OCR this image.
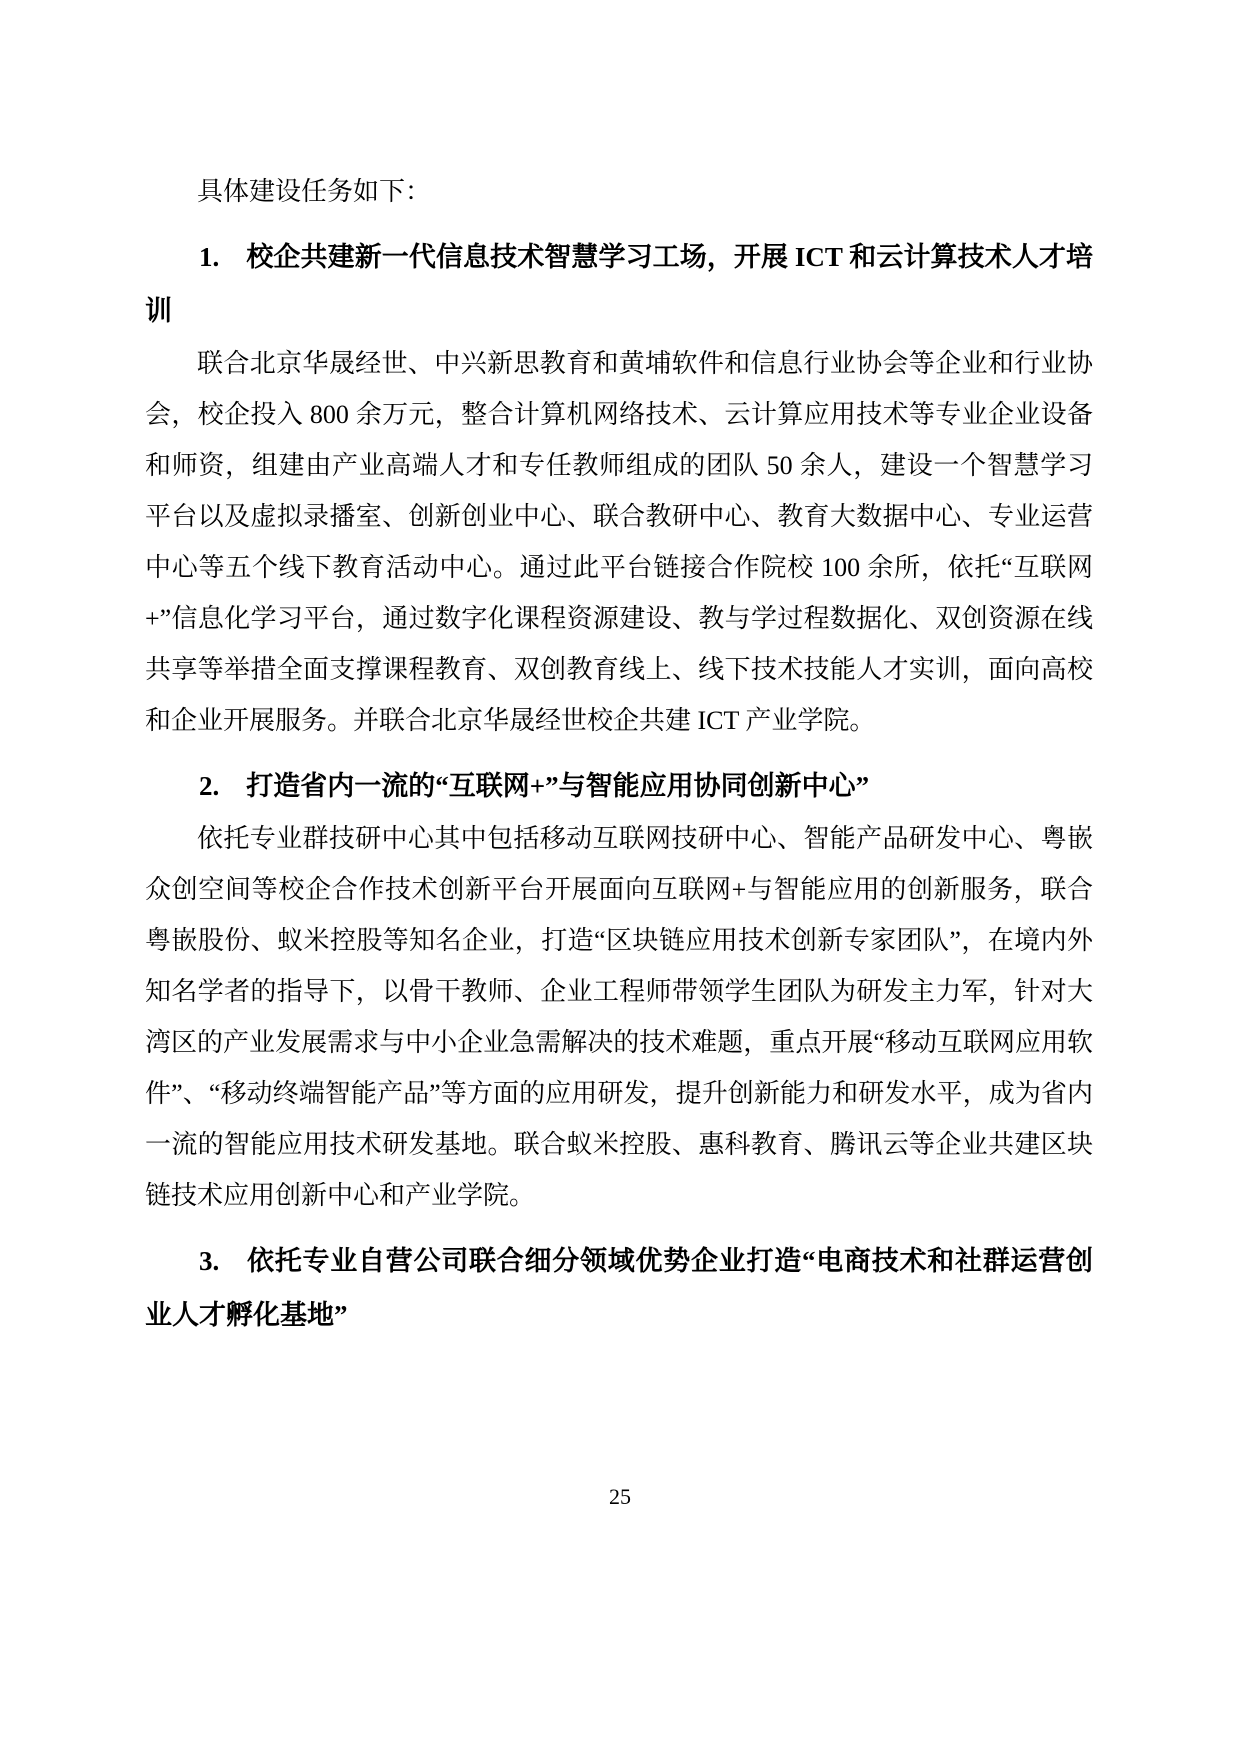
具体建设任务如下：

1. 校企共建新一代信息技术智慧学习工场，开展 ICT 和云计算技术人才培训

联合北京华晟经世、中兴新思教育和黄埔软件和信息行业协会等企业和行业协会，校企投入 800 余万元，整合计算机网络技术、云计算应用技术等专业企业设备和师资，组建由产业高端人才和专任教师组成的团队 50 余人，建设一个智慧学习平台以及虚拟录播室、创新创业中心、联合教研中心、教育大数据中心、专业运营中心等五个线下教育活动中心。通过此平台链接合作院校 100 余所，依托“互联网+”信息化学习平台，通过数字化课程资源建设、教与学过程数据化、双创资源在线共享等举措全面支撑课程教育、双创教育线上、线下技术技能人才实训，面向高校和企业开展服务。并联合北京华晟经世校企共建 ICT 产业学院。

2. 打造省内一流的“互联网+”与智能应用协同创新中心”

依托专业群技研中心其中包括移动互联网技研中心、智能产品研发中心、粤嵌众创空间等校企合作技术创新平台开展面向互联网+与智能应用的创新服务，联合粤嵌股份、蚁米控股等知名企业，打造“区块链应用技术创新专家团队”，在境内外知名学者的指导下，以骨干教师、企业工程师带领学生团队为研发主力军，针对大湾区的产业发展需求与中小企业急需解决的技术难题，重点开展“移动互联网应用软件”、“移动终端智能产品”等方面的应用研发，提升创新能力和研发水平，成为省内一流的智能应用技术研发基地。联合蚁米控股、惠科教育、腾讯云等企业共建区块链技术应用创新中心和产业学院。

3. 依托专业自营公司联合细分领域优势企业打造“电商技术和社群运营创业人才孵化基地”
25
